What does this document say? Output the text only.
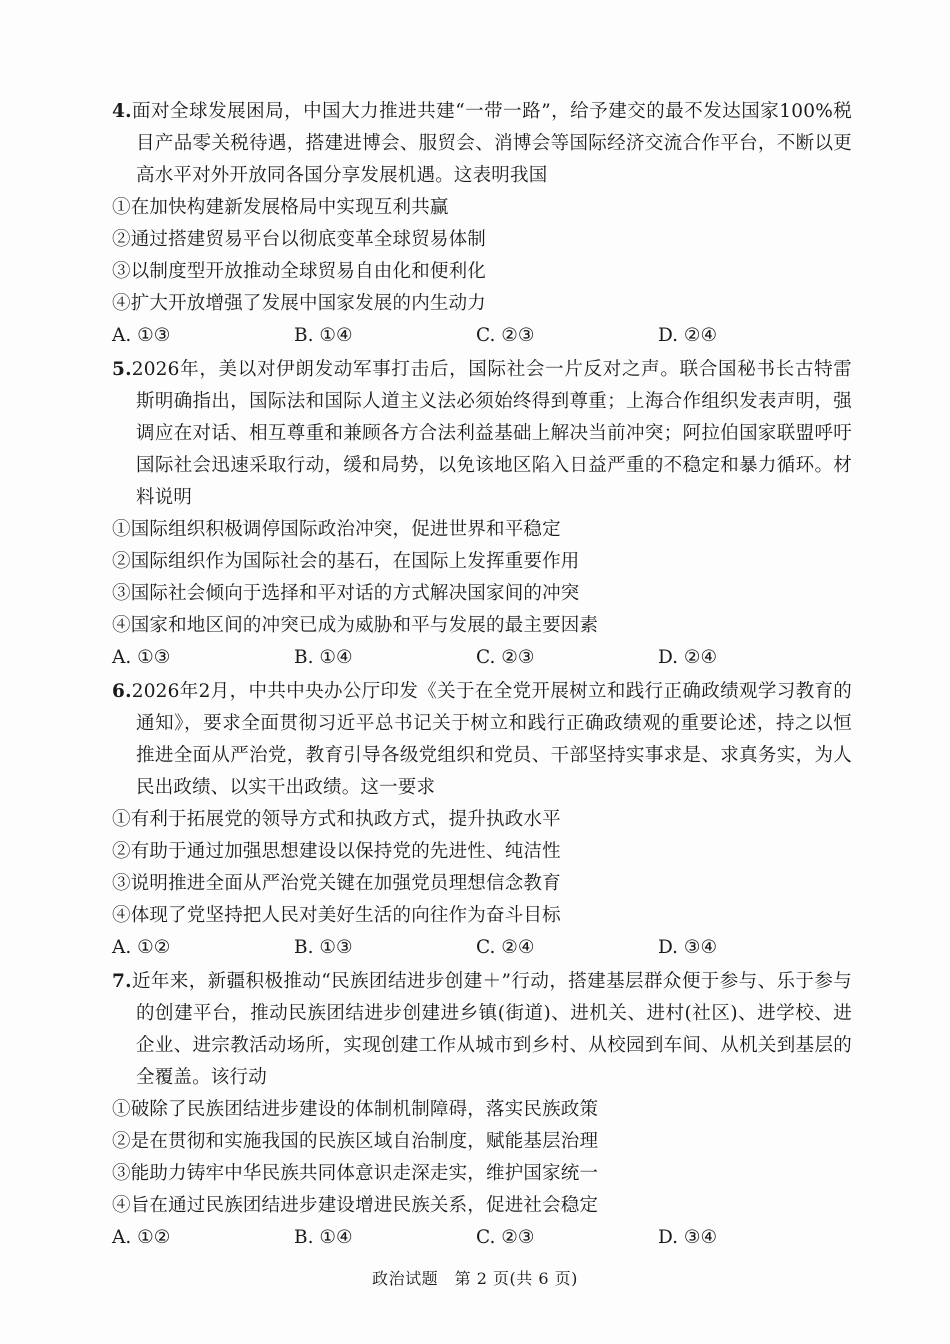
4.面对全球发展困局，中国大力推进共建“一带一路”，给予建交的最不发达国家100%税目产品零关税待遇，搭建进博会、服贸会、消博会等国际经济交流合作平台，不断以更高水平对外开放同各国分享发展机遇。这表明我国

①在加快构建新发展格局中实现互利共赢

②通过搭建贸易平台以彻底变革全球贸易体制

③以制度型开放推动全球贸易自由化和便利化

④扩大开放增强了发展中国家发展的内生动力

A. ①③	B. ①④	C. ②③	D. ②④

5.2026年，美以对伊朗发动军事打击后，国际社会一片反对之声。联合国秘书长古特雷斯明确指出，国际法和国际人道主义法必须始终得到尊重；上海合作组织发表声明，强调应在对话、相互尊重和兼顾各方合法利益基础上解决当前冲突；阿拉伯国家联盟呼吁国际社会迅速采取行动，缓和局势，以免该地区陷入日益严重的不稳定和暴力循环。材料说明

①国际组织积极调停国际政治冲突，促进世界和平稳定

②国际组织作为国际社会的基石，在国际上发挥重要作用

③国际社会倾向于选择和平对话的方式解决国家间的冲突

④国家和地区间的冲突已成为威胁和平与发展的最主要因素

A. ①③	B. ①④	C. ②③	D. ②④

6.2026年2月，中共中央办公厅印发《关于在全党开展树立和践行正确政绩观学习教育的通知》，要求全面贯彻习近平总书记关于树立和践行正确政绩观的重要论述，持之以恒推进全面从严治党，教育引导各级党组织和党员、干部坚持实事求是、求真务实，为人民出政绩、以实干出政绩。这一要求

①有利于拓展党的领导方式和执政方式，提升执政水平

②有助于通过加强思想建设以保持党的先进性、纯洁性

③说明推进全面从严治党关键在加强党员理想信念教育

④体现了党坚持把人民对美好生活的向往作为奋斗目标

A. ①②	B. ①③	C. ②④	D. ③④

7.近年来，新疆积极推动“民族团结进步创建＋”行动，搭建基层群众便于参与、乐于参与的创建平台，推动民族团结进步创建进乡镇(街道)、进机关、进村(社区)、进学校、进企业、进宗教活动场所，实现创建工作从城市到乡村、从校园到车间、从机关到基层的全覆盖。该行动

①破除了民族团结进步建设的体制机制障碍，落实民族政策

②是在贯彻和实施我国的民族区域自治制度，赋能基层治理

③能助力铸牢中华民族共同体意识走深走实，维护国家统一

④旨在通过民族团结进步建设增进民族关系，促进社会稳定

A. ①②	B. ①④	C. ②③	D. ③④
政治试题　第 2 页(共 6 页)
